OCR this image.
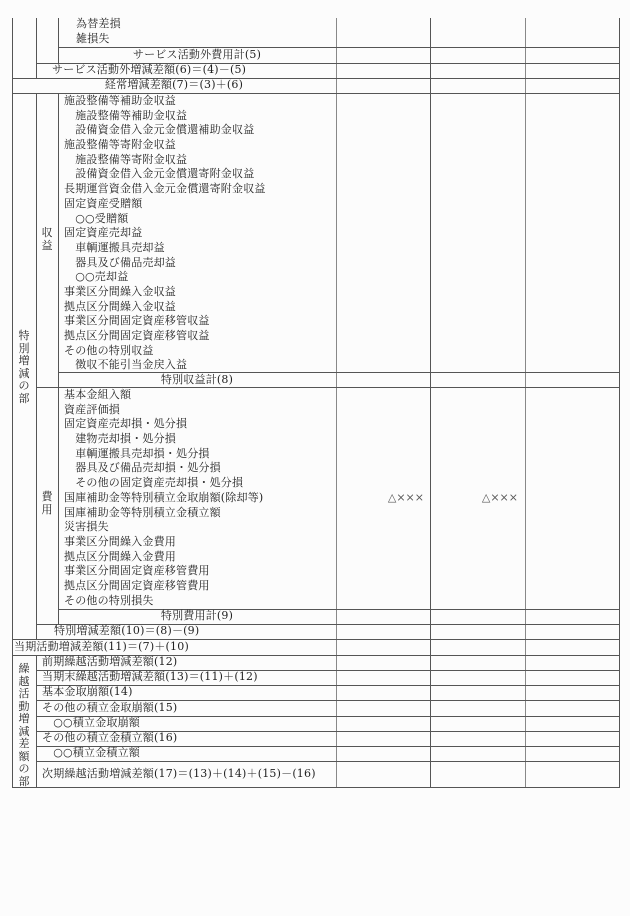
為替差損
雑損失
サービス活動外費用計(5)
サービス活動外増減差額(6)＝(4)－(5)
経常増減差額(7)＝(3)＋(6)
特別増減の部
収益
費用
施設整備等補助金収益
　施設整備等補助金収益
　設備資金借入金元金償還補助金収益
施設整備等寄附金収益
　施設整備等寄附金収益
　設備資金借入金元金償還寄附金収益
長期運営資金借入金元金償還寄附金収益
固定資産受贈額
　○○受贈額
固定資産売却益
　車輌運搬具売却益
　器具及び備品売却益
　○○売却益
事業区分間繰入金収益
拠点区分間繰入金収益
事業区分間固定資産移管収益
拠点区分間固定資産移管収益
その他の特別収益
　徴収不能引当金戻入益
特別収益計(8)
基本金組入額
資産評価損
固定資産売却損・処分損
　建物売却損・処分損
　車輌運搬具売却損・処分損
　器具及び備品売却損・処分損
　その他の固定資産売却損・処分損
国庫補助金等特別積立金取崩額(除却等)
国庫補助金等特別積立金積立額
災害損失
事業区分間繰入金費用
拠点区分間繰入金費用
事業区分間固定資産移管費用
拠点区分間固定資産移管費用
その他の特別損失
△×××	△×××
特別費用計(9)
特別増減差額(10)＝(8)－(9)
当期活動増減差額(11)＝(7)＋(10)
繰越活動増減差額の部
前期繰越活動増減差額(12)
当期末繰越活動増減差額(13)＝(11)＋(12)
基本金取崩額(14)
その他の積立金取崩額(15)
　○○積立金取崩額
その他の積立金積立額(16)
　○○積立金積立額
次期繰越活動増減差額(17)＝(13)＋(14)＋(15)－(16)
